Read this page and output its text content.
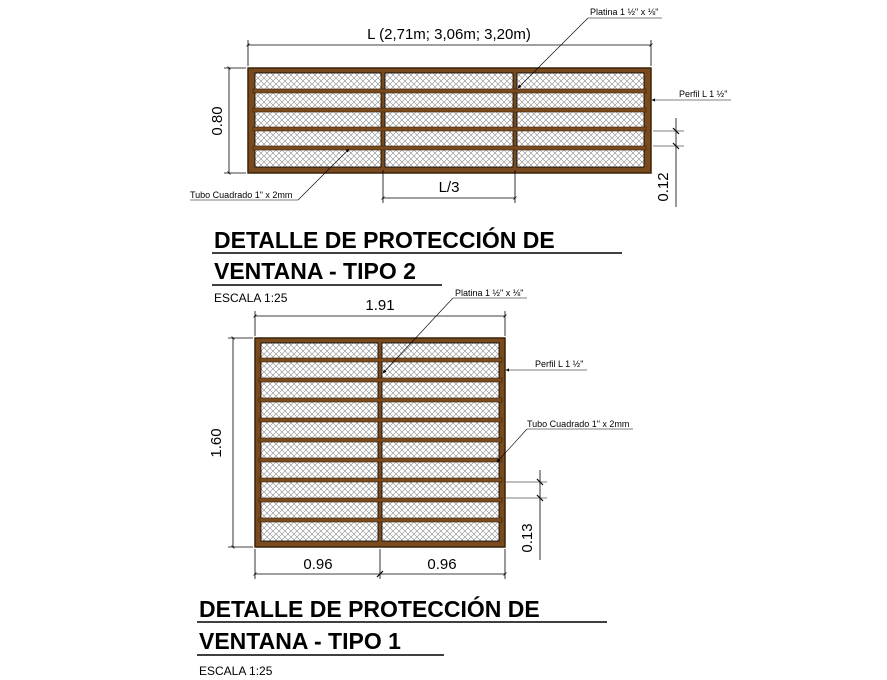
L (2,71m; 3,06m; 3,20m)
0.80
L/3	0.12
Platina 1 ½" x ⅛"
Perfil L 1 ½"
Tubo Cuadrado 1" x 2mm
DETALLE DE PROTECCIÓN DE
VENTANA - TIPO 2
ESCALA 1:25	1.91
1.60
0.96	0.96
0.13
Platina 1 ½" x ⅛"
Perfil L 1 ½"
Tubo Cuadrado 1" x 2mm
DETALLE DE PROTECCIÓN DE
VENTANA - TIPO 1
ESCALA 1:25
